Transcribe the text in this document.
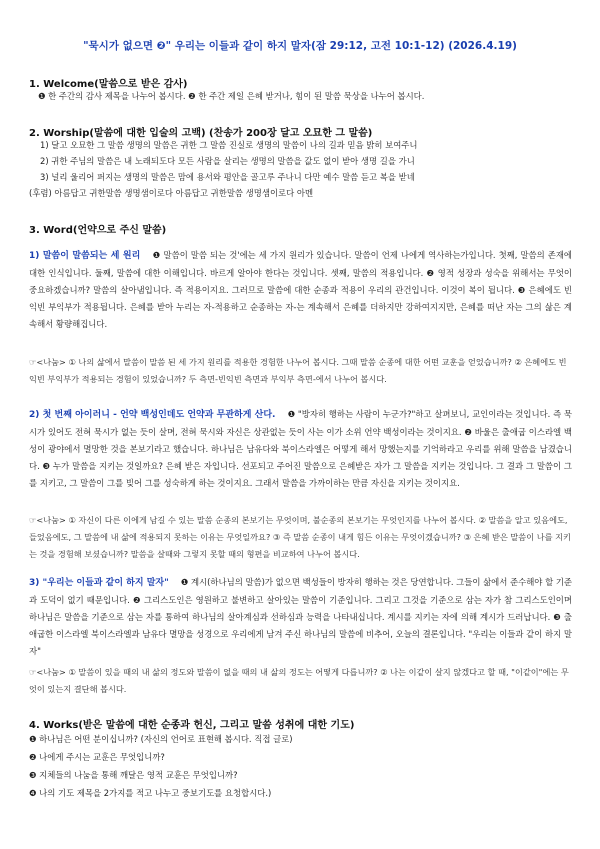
"묵시가 없으면 ❷" 우리는 이들과 같이 하지 말자(잠 29:12, 고전 10:1-12) (2026.4.19)
1. Welcome(말씀으로 받은 감사)
❶ 한 주간의 감사 제목을 나누어 봅시다. ❷ 한 주간 제일 은혜 받거나, 힘이 된 말씀 묵상을 나누어 봅시다.
2. Worship(말씀에 대한 입술의 고백) (찬송가 200장 달고 오묘한 그 말씀)
1) 달고 오묘한 그 말씀 생명의 말씀은 귀한 그 말씀 진실로 생명의 말씀이 나의 길과 믿음 밝히 보여주니
2) 귀한 주님의 말씀은 내 노래되도다 모든 사람을 살리는 생명의 말씀을 값도 없이 받아 생명 길을 가니
3) 널리 울리어 퍼지는 생명의 말씀은 맘에 용서와 평안을 골고루 주나니 다만 예수 말씀 듣고 복을 받네
(후렴) 아름답고 귀한말씀 생명샘이로다 아름답고 귀한말씀 생명샘이로다 아멘
3. Word(언약으로 주신 말씀)
1) 말씀이 말씀되는 세 원리 ❶ 말씀이 말씀 되는 것'에는 세 가지 원리가 있습니다. 말씀이 언제 나에게 역사하는가입니다. 첫째, 말씀의 존재에 대한 인식입니다. 둘째, 말씀에 대한 이해입니다. 바르게 알아야 한다는 것입니다. 셋째, 말씀의 적용입니다. ❷ 영적 성장과 성숙을 위해서는 무엇이 중요하겠습니까? 말씀의 살아냄입니다. 즉 적용이지요. 그러므로 말씀에 대한 순종과 적용이 우리의 관건입니다. 이것이 복이 됩니다. ❸ 은혜에도 빈익빈 부익부가 적용됩니다. 은혜를 받아 누리는 자-적용하고 순종하는 자-는 계속해서 은혜를 더하지만 강하여지지만, 은혜를 떠난 자는 그의 삶은 계속해서 황량해집니다.
☞<나눔> ① 나의 삶에서 말씀이 말씀 된 세 가지 원리를 적용한 경험한 나누어 봅시다. 그때 말씀 순종에 대한 어떤 교훈을 얻었습니까? ② 은혜에도 빈익빈 부익부가 적용되는 경험이 있었습니까? 두 측면-빈익빈 측면과 부익부 측면-에서 나누어 봅시다.
2) 첫 번째 아이러니 - 언약 백성인데도 언약과 무관하게 산다. ❶ "방자히 행하는 사람이 누군가?"하고 살펴보니, 교인이라는 것입니다. 즉 묵시가 있어도 전혀 묵시가 없는 듯이 살며, 전혀 묵시와 자신은 상관없는 듯이 사는 이가 소위 언약 백성이라는 것이지요. ❷ 바울은 출애굽 이스라엘 백성이 광야에서 멸망한 것을 본보기라고 했습니다. 하나님은 남유다와 북이스라엘은 어떻게 해서 망했는지를 기억하라고 우리를 위해 말씀을 남겼습니다. ❸ 누가 말씀을 지키는 것일까요? 은혜 받은 자입니다. 선포되고 주어진 말씀으로 은혜받은 자가 그 말씀을 지키는 것입니다. 그 결과 그 말씀이 그를 지키고, 그 말씀이 그를 빚어 그를 성숙하게 하는 것이지요. 그래서 말씀을 가까이하는 만큼 자신을 지키는 것이지요.
☞<나눔> ① 자신이 다른 이에게 남길 수 있는 말씀 순종의 본보기는 무엇이며, 불순종의 본보기는 무엇인지를 나누어 봅시다. ② 말씀을 알고 있음에도, 들었음에도, 그 말씀에 내 삶에 적용되지 못하는 이유는 무엇일까요? ③ 즉 말씀 순종이 내게 힘든 이유는 무엇이겠습니까? ③ 은혜 받은 말씀이 나를 지키는 것을 경험해 보셨습니까? 말씀을 살때와 그렇지 못할 때의 형편을 비교하여 나누어 봅시다.
3) "우리는 이들과 같이 하지 말자" ❶ 계시(하나님의 말씀)가 없으면 백성들이 방자히 행하는 것은 당연합니다. 그들이 삶에서 준수해야 할 기준과 도덕이 없기 때문입니다. ❷ 그리스도인은 영원하고 불변하고 살아있는 말씀이 기준입니다. 그리고 그것을 기준으로 삼는 자가 참 그리스도인이며 하나님은 말씀을 기준으로 삼는 자를 통하여 하나님의 살아계심과 선하심과 능력을 나타내십니다. 계시를 지키는 자에 의해 계시가 드러납니다. ❸ 출애굽한 이스라엘 북이스라엘과 남유다 멸망을 성경으로 우리에게 남겨 주신 하나님의 말씀에 비추어, 오늘의 결론입니다. "우리는 이들과 같이 하지 말자"
☞<나눔> ① 말씀이 있을 때의 내 삶의 정도와 말씀이 없을 때의 내 삶의 정도는 어떻게 다릅니까? ② 나는 이같이 살지 않겠다고 할 때, "이같이"에는 무엇이 있는지 결단해 봅시다.
4. Works(받은 말씀에 대한 순종과 헌신, 그리고 말씀 성취에 대한 기도)
❶ 하나님은 어떤 분이십니까? (자신의 언어로 표현해 봅시다. 직접 글로)
❷ 나에게 주시는 교훈은 무엇입니까?
❸ 지체들의 나눔을 통해 깨달은 영적 교훈은 무엇입니까?
❹ 나의 기도 제목을 2가지를 적고 나누고 중보기도를 요청합시다.)
